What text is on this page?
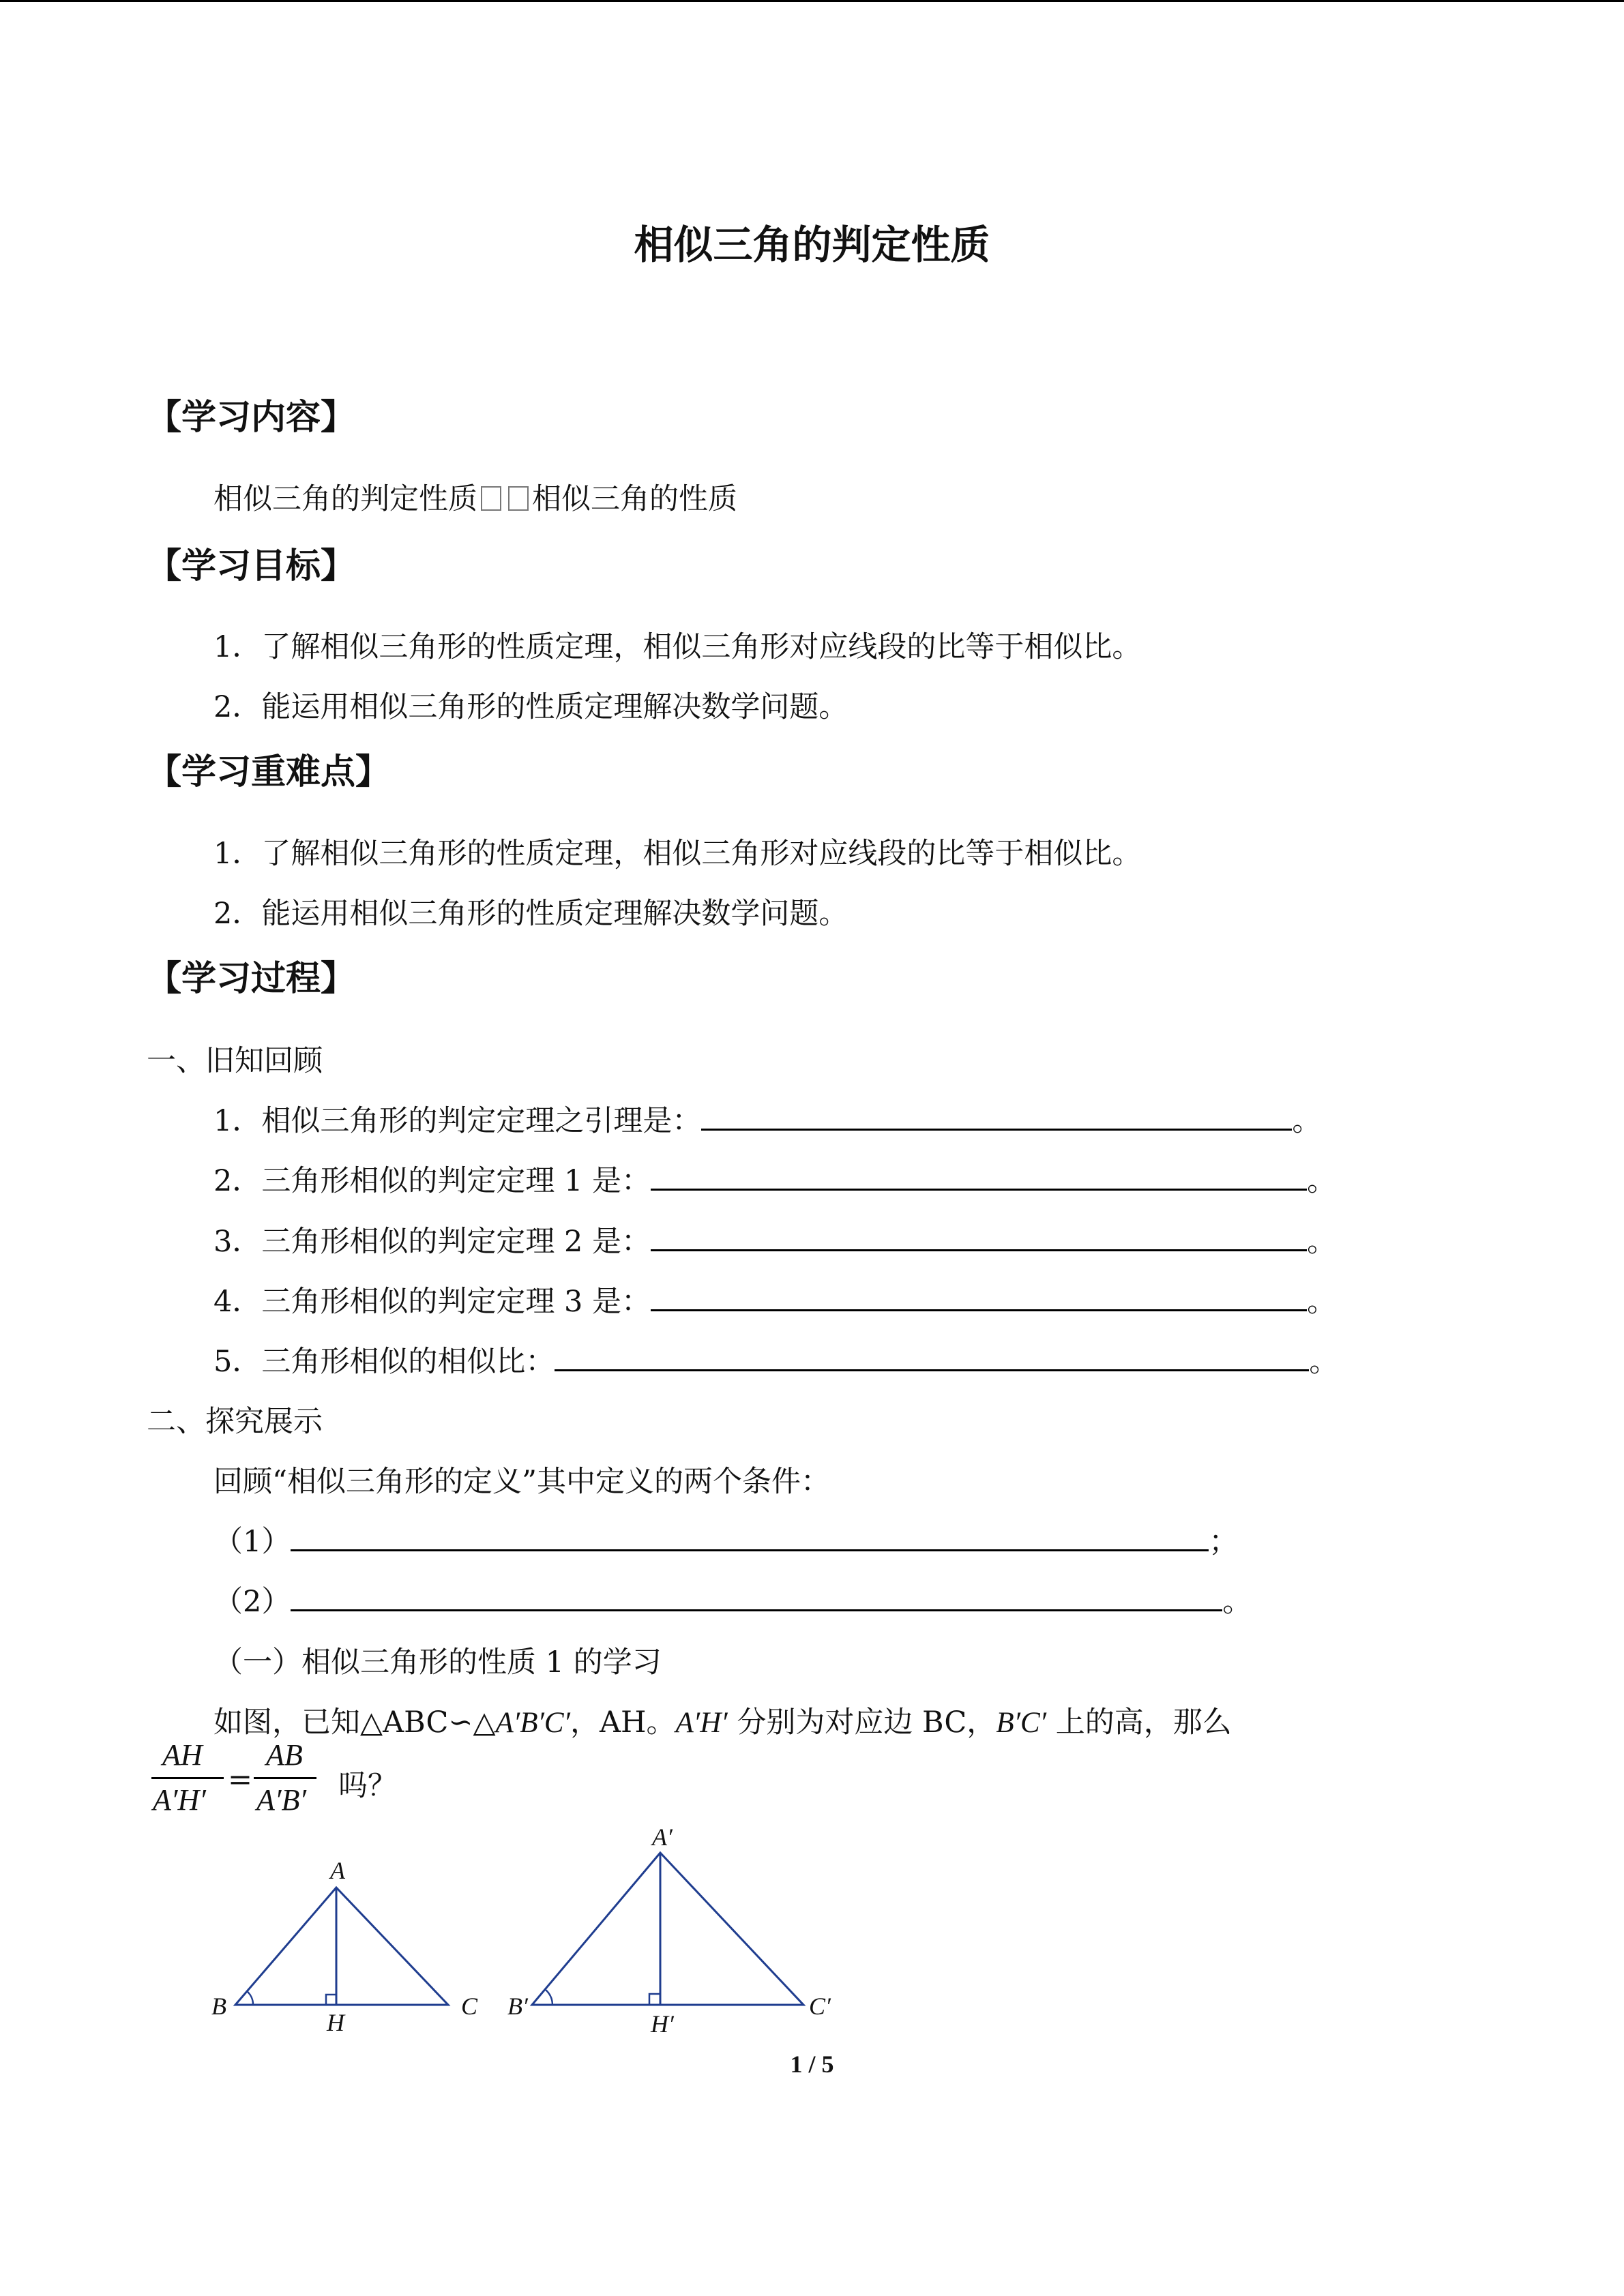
相似三角的判定性质
【学习内容】
相似三角的判定性质 相似三角的性质
【学习目标】
1．了解相似三角形的性质定理，相似三角形对应线段的比等于相似比。
2．能运用相似三角形的性质定理解决数学问题。
【学习重难点】
1．了解相似三角形的性质定理，相似三角形对应线段的比等于相似比。
2．能运用相似三角形的性质定理解决数学问题。
【学习过程】
一、旧知回顾
1．相似三角形的判定定理之引理是：	。
2．三角形相似的判定定理 1 是：	。
3．三角形相似的判定定理 2 是：	。
4．三角形相似的判定定理 3 是：	。
5．三角形相似的相似比：	。
二、探究展示
回顾“相似三角形的定义”其中定义的两个条件：
（1）	；
（2）	。
（一）相似三角形的性质 1 的学习
如图，已知△ABC∽△A′B′C′，AH。A′H′ 分别为对应边 BC，B′C′ 上的高，那么
AH
A′H′
=
AB
A′B′ 吗？
A
B	C
H
A′
B′	C′
H′
1 / 5
